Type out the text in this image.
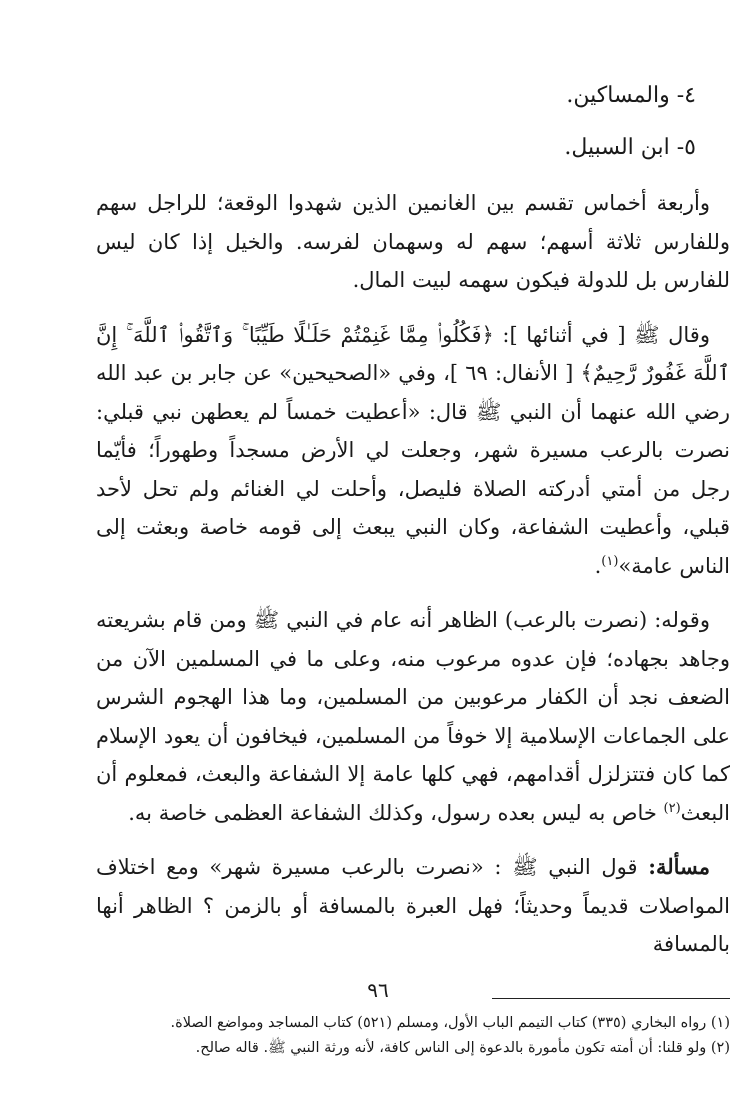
٤- والمساكين.
٥- ابن السبيل.

وأربعة أخماس تقسم بين الغانمين الذين شهدوا الوقعة؛ للراجل سهم وللفارس ثلاثة أسهم؛ سهم له وسهمان لفرسه. والخيل إذا كان ليس للفارس بل للدولة فيكون سهمه لبيت المال.

وقال ﷺ [ في أثنائها ]: ﴿فَكُلُوا۟ مِمَّا غَنِمْتُمْ حَلَـٰلًا طَيِّبًا ۚ وَٱتَّقُوا۟ ٱللَّهَ ۚ إِنَّ ٱللَّهَ غَفُورٌ رَّحِيمٌ﴾ [ الأنفال: ٦٩ ]، وفي «الصحيحين» عن جابر بن عبد الله رضي الله عنهما أن النبي ﷺ قال: «أعطيت خمساً لم يعطهن نبي قبلي: نصرت بالرعب مسيرة شهر، وجعلت لي الأرض مسجداً وطهوراً؛ فأيّما رجل من أمتي أدركته الصلاة فليصل، وأحلت لي الغنائم ولم تحل لأحد قبلي، وأعطيت الشفاعة، وكان النبي يبعث إلى قومه خاصة وبعثت إلى الناس عامة»$^{(١)}$.

وقوله: (نصرت بالرعب) الظاهر أنه عام في النبي ﷺ ومن قام بشريعته وجاهد بجهاده؛ فإن عدوه مرعوب منه، وعلى ما في المسلمين الآن من الضعف نجد أن الكفار مرعوبين من المسلمين، وما هذا الهجوم الشرس على الجماعات الإسلامية إلا خوفاً من المسلمين، فيخافون أن يعود الإسلام كما كان فتتزلزل أقدامهم، فهي كلها عامة إلا الشفاعة والبعث، فمعلوم أن البعث$^{(٢)}$ خاص به ليس بعده رسول، وكذلك الشفاعة العظمى خاصة به.

مسألة: قول النبي ﷺ : «نصرت بالرعب مسيرة شهر» ومع اختلاف المواصلات قديماً وحديثاً؛ فهل العبرة بالمسافة أو بالزمن ؟ الظاهر أنها بالمسافة

(١) رواه البخاري (٣٣٥) كتاب التيمم الباب الأول، ومسلم (٥٢١) كتاب المساجد ومواضع الصلاة.

(٢) ولو قلنا: أن أمته تكون مأمورة بالدعوة إلى الناس كافة، لأنه ورثة النبي ﷺ. قاله صالح.

٩٦
